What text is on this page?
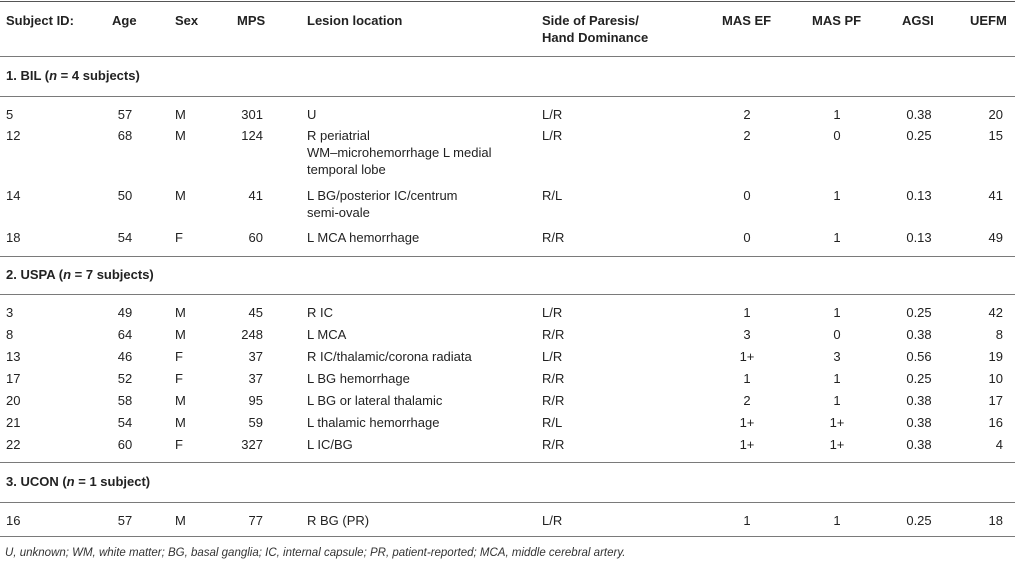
Subject ID:	Age	Sex	MPS	Lesion location	Side of Paresis/
Hand Dominance
MAS EF	MAS PF	AGSI	UEFM
1. BIL (n = 4 subjects)
2. USPA (n = 7 subjects)
3. UCON (n = 1 subject)
5	57	M	301	U	L/R	2	1	0.38	20
12	68	M	124	R periatrial
WM–microhemorrhage L medial
temporal lobe
L/R	2	0	0.25	15
14	50	M	41	L BG/posterior IC/centrum
semi-ovale
R/L	0	1	0.13	41
18	54	F	60	L MCA hemorrhage	R/R	0	1	0.13	49
3	49	M	45	R IC	L/R	1	1	0.25	42
8	64	M	248	L MCA	R/R	3	0	0.38	8
13	46	F	37	R IC/thalamic/corona radiata	L/R	1+	3	0.56	19
17	52	F	37	L BG hemorrhage	R/R	1	1	0.25	10
20	58	M	95	L BG or lateral thalamic	R/R	2	1	0.38	17
21	54	M	59	L thalamic hemorrhage	R/L	1+	1+	0.38	16
22	60	F	327	L IC/BG	R/R	1+	1+	0.38	4
16	57	M	77	R BG (PR)	L/R	1	1	0.25	18
U, unknown; WM, white matter; BG, basal ganglia; IC, internal capsule; PR, patient-reported; MCA, middle cerebral artery.
